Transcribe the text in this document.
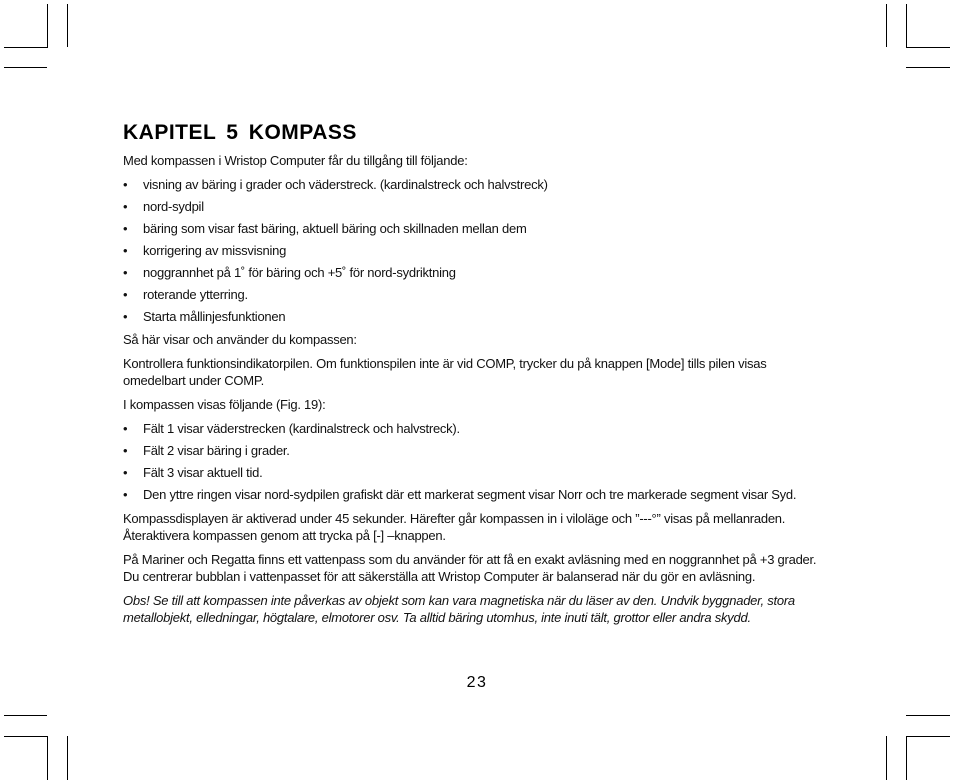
KAPITEL 5 KOMPASS

Med kompassen i Wristop Computer får du tillgång till följande:

• visning av bäring i grader och väderstreck. (kardinalstreck och halvstreck)
• nord-sydpil
• bäring som visar fast bäring, aktuell bäring och skillnaden mellan dem
• korrigering av missvisning
• noggrannhet på 1˚ för bäring och +5˚ för nord-sydriktning
• roterande ytterring.
• Starta mållinjesfunktionen

Så här visar och använder du kompassen:

Kontrollera funktionsindikatorpilen. Om funktionspilen inte är vid COMP, trycker du på knappen [Mode] tills pilen visas omedelbart under COMP.

I kompassen visas följande (Fig. 19):

• Fält 1 visar väderstrecken (kardinalstreck och halvstreck).
• Fält 2 visar bäring i grader.
• Fält 3 visar aktuell tid.
• Den yttre ringen visar nord-sydpilen grafiskt där ett markerat segment visar Norr och tre markerade segment visar Syd.

Kompassdisplayen är aktiverad under 45 sekunder. Härefter går kompassen in i viloläge och ”---°” visas på mellanraden. Återaktivera kompassen genom att trycka på [-] –knappen.

På Mariner och Regatta finns ett vattenpass som du använder för att få en exakt avläsning med en noggrannhet på +3 grader. Du centrerar bubblan i vattenpasset för att säkerställa att Wristop Computer är balanserad när du gör en avläsning.

Obs! Se till att kompassen inte påverkas av objekt som kan vara magnetiska när du läser av den. Undvik byggnader, stora metallobjekt, elledningar, högtalare, elmotorer osv. Ta alltid bäring utomhus, inte inuti tält, grottor eller andra skydd.

23
